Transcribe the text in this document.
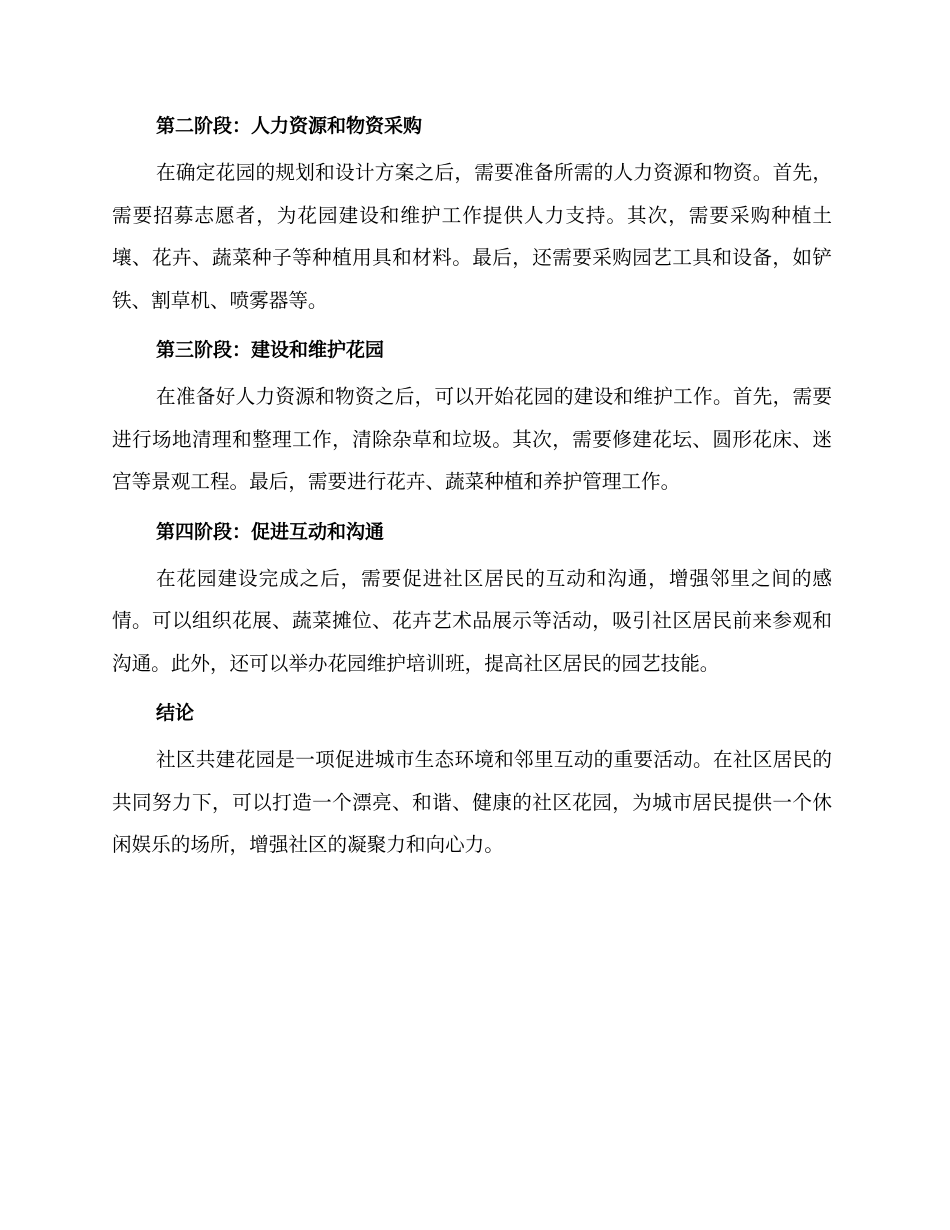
第二阶段：人力资源和物资采购

在确定花园的规划和设计方案之后，需要准备所需的人力资源和物资。首先，需要招募志愿者，为花园建设和维护工作提供人力支持。其次，需要采购种植土壤、花卉、蔬菜种子等种植用具和材料。最后，还需要采购园艺工具和设备，如铲铁、割草机、喷雾器等。

第三阶段：建设和维护花园

在准备好人力资源和物资之后，可以开始花园的建设和维护工作。首先，需要进行场地清理和整理工作，清除杂草和垃圾。其次，需要修建花坛、圆形花床、迷宫等景观工程。最后，需要进行花卉、蔬菜种植和养护管理工作。

第四阶段：促进互动和沟通

在花园建设完成之后，需要促进社区居民的互动和沟通，增强邻里之间的感情。可以组织花展、蔬菜摊位、花卉艺术品展示等活动，吸引社区居民前来参观和沟通。此外，还可以举办花园维护培训班，提高社区居民的园艺技能。

结论

社区共建花园是一项促进城市生态环境和邻里互动的重要活动。在社区居民的共同努力下，可以打造一个漂亮、和谐、健康的社区花园，为城市居民提供一个休闲娱乐的场所，增强社区的凝聚力和向心力。
